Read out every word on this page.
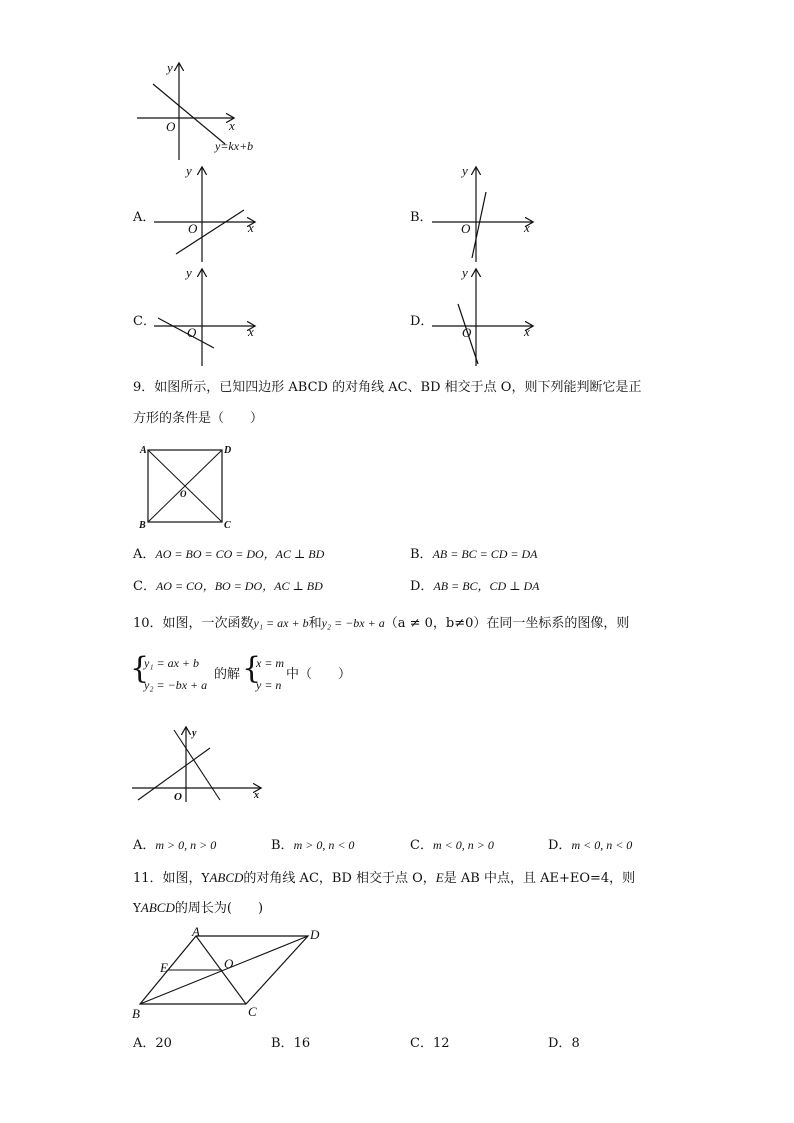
y
x
O
y=kx+b
A．
y
x
O
B．
y
x
O
C．
y
x
O
D．
y
x
O
9．如图所示，已知四边形 ABCD 的对角线 AC、BD 相交于点 O，则下列能判断它是正
方形的条件是（　　）
A	D
B	C
O
A．AO = BO = CO = DO，AC ⊥ BD	B．AB = BC = CD = DA
C．AO = CO，BO = DO，AC ⊥ BD	D．AB = BC，CD ⊥ DA
10．如图，一次函数y₁ = ax + b和y₂ = −bx + a（a ≠ 0，b≠0）在同一坐标系的图像，则
{
y₁ = ax + b
y₂ = −bx + a
的解 {
x = m
y = n
中（　　）
y
x
O
A．m > 0, n > 0	B．m > 0, n < 0	C．m < 0, n > 0	D．m < 0, n < 0
11．如图，YABCD的对角线 AC，BD 相交于点 O，E是 AB 中点，且 AE+EO=4，则
YABCD的周长为(　　)
A	D
B	C
E	O
A．20	B．16	C．12	D．8
